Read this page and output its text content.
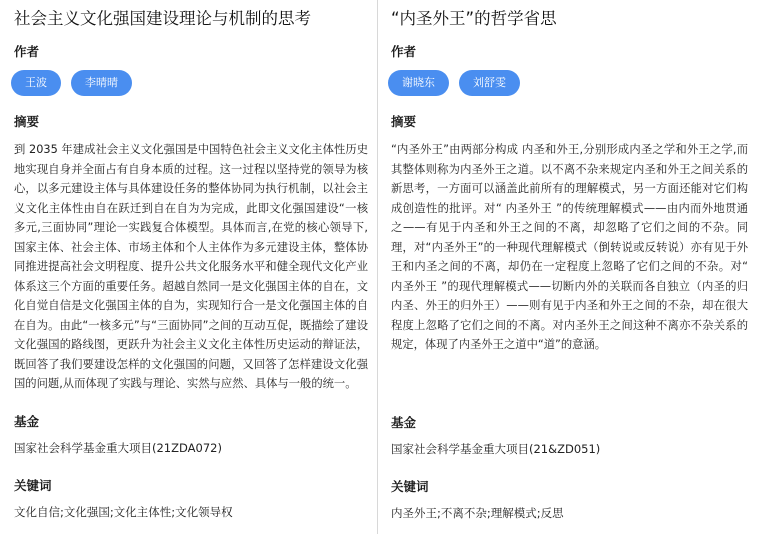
社会主义文化强国建设理论与机制的思考
作者
王波	李晴晴
摘要

到 2035 年建成社会主义文化强国是中国特色社会主义文化主体性历史地实现自身并全面占有自身本质的过程。这一过程以坚持党的领导为核心，以多元建设主体与具体建设任务的整体协同为执行机制，以社会主义文化主体性由自在跃迁到自在自为为完成，此即文化强国建设“一核多元,三面协同”理论一实践复合体模型。具体而言,在党的核心领导下,国家主体、社会主体、市场主体和个人主体作为多元建设主体，整体协同推进提高社会文明程度、提升公共文化服务水平和健全现代文化产业体系这三个方面的重要任务。超越自然同一是文化强国主体的自在，文化自觉自信是文化强国主体的自为，实现知行合一是文化强国主体的自在自为。由此“一核多元”与“三面协同”之间的互动互促，既描绘了建设文化强国的路线图，更跃升为社会主义文化主体性历史运动的辩证法，既回答了我们要建设怎样的文化强国的问题，又回答了怎样建设文化强国的问题,从而体现了实践与理论、实然与应然、具体与一般的统一。

基金
国家社会科学基金重大项目(21ZDA072)
关键词
文化自信;文化强国;文化主体性;文化领导权
“内圣外王”的哲学省思
作者
谢晓东	刘舒雯
摘要

“内圣外王”由两部分构成 内圣和外王,分别形成内圣之学和外王之学,而其整体则称为内圣外王之道。以不离不杂来规定内圣和外王之间关系的新思考，一方面可以涵盖此前所有的理解模式，另一方面还能对它们构成创造性的批评。对“ 内圣外王 ”的传统理解模式——由内而外地贯通之——有见于内圣和外王之间的不离，却忽略了它们之间的不杂。同理，对“内圣外王”的一种现代理解模式（倒转说或反转说）亦有见于外王和内圣之间的不离，却仍在一定程度上忽略了它们之间的不杂。对“ 内圣外王 ”的现代理解模式——切断内外的关联而各自独立（内圣的归内圣、外王的归外王）——则有见于内圣和外王之间的不杂，却在很大程度上忽略了它们之间的不离。对内圣外王之间这种不离亦不杂关系的规定，体现了内圣外王之道中“道”的意涵。

基金
国家社会科学基金重大项目(21&ZD051)
关键词
内圣外王;不离不杂;理解模式;反思
